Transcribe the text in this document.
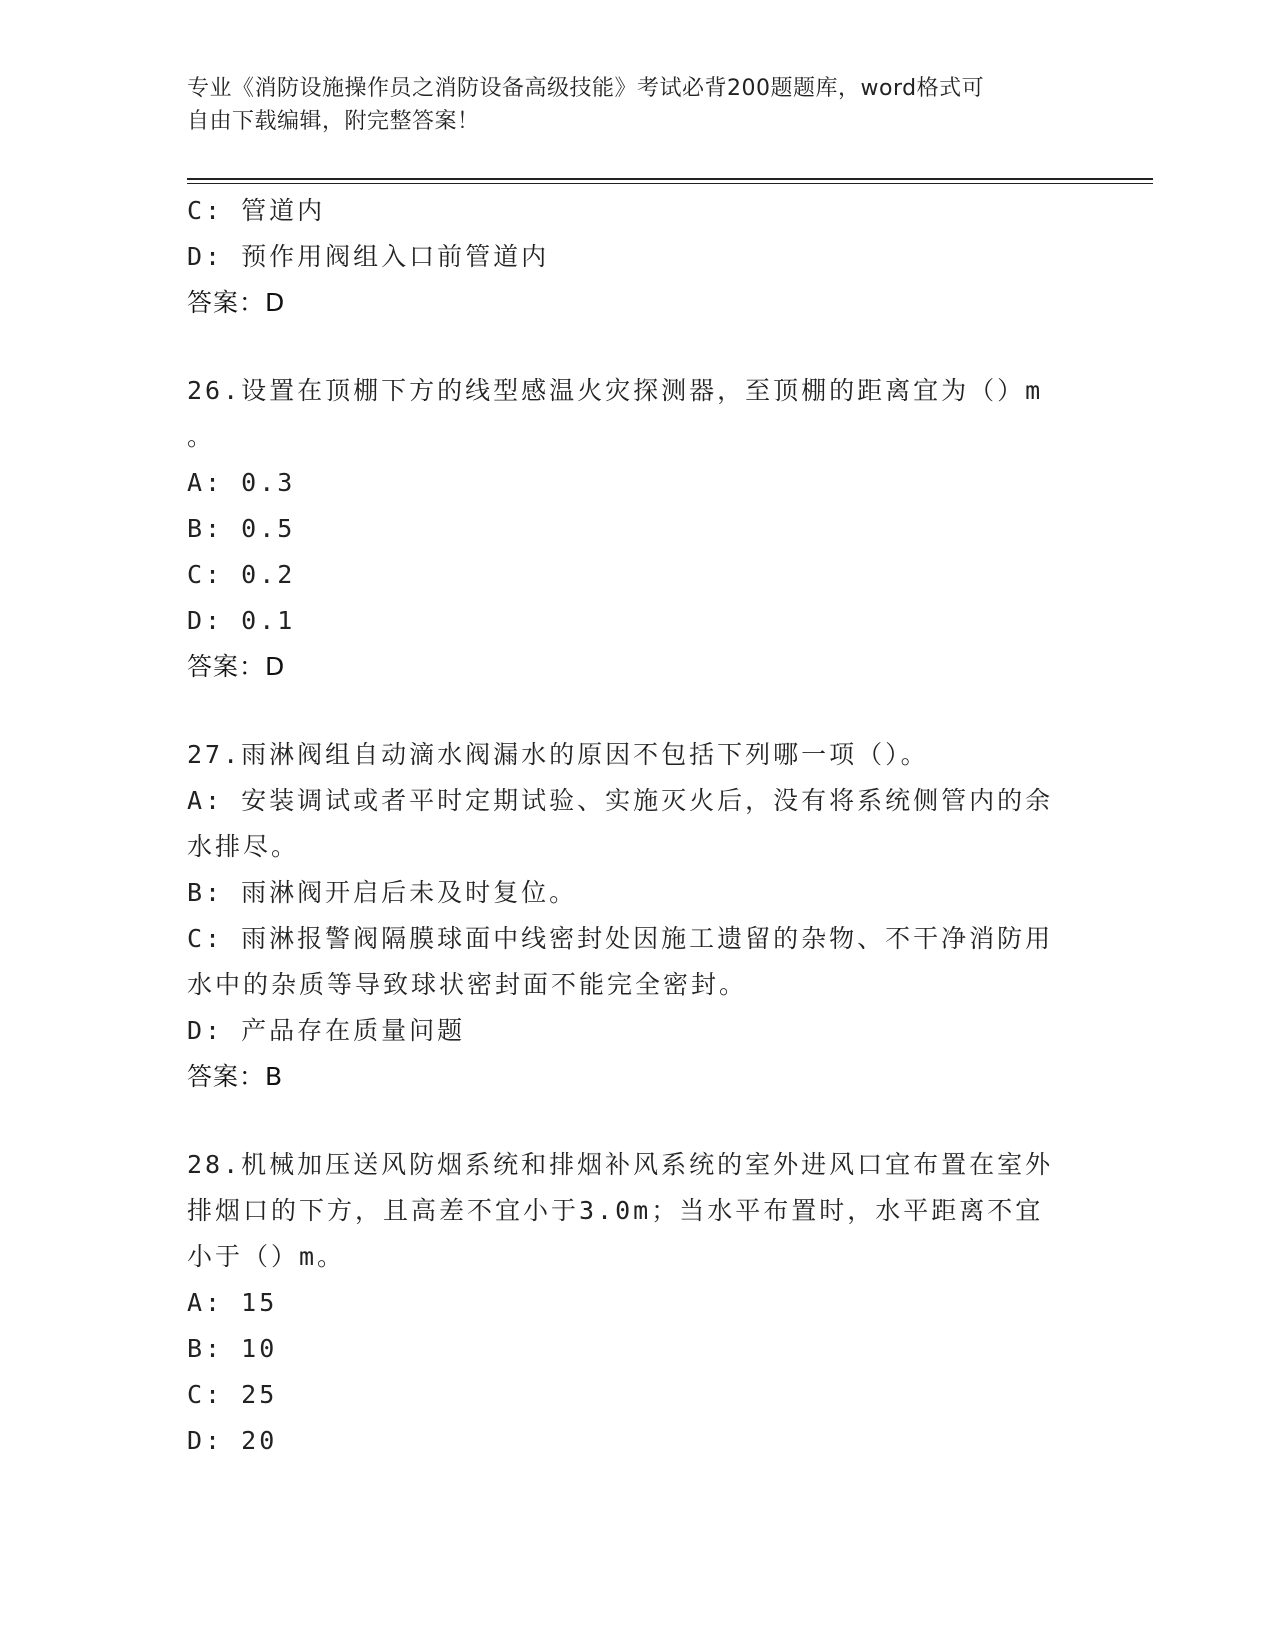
专业《消防设施操作员之消防设备高级技能》考试必背200题题库，word格式可
自由下载编辑，附完整答案！
C: 管道内
D: 预作用阀组入口前管道内
答案：D
26.设置在顶棚下方的线型感温火灾探测器，至顶棚的距离宜为（）m
。
A: 0.3
B: 0.5
C: 0.2
D: 0.1
答案：D
27.雨淋阀组自动滴水阀漏水的原因不包括下列哪一项（）。
A: 安装调试或者平时定期试验、实施灭火后，没有将系统侧管内的余
水排尽。
B: 雨淋阀开启后未及时复位。
C: 雨淋报警阀隔膜球面中线密封处因施工遗留的杂物、不干净消防用
水中的杂质等导致球状密封面不能完全密封。
D: 产品存在质量问题
答案：B
28.机械加压送风防烟系统和排烟补风系统的室外进风口宜布置在室外
排烟口的下方，且高差不宜小于3.0m；当水平布置时，水平距离不宜
小于（）m。
A: 15
B: 10
C: 25
D: 20
